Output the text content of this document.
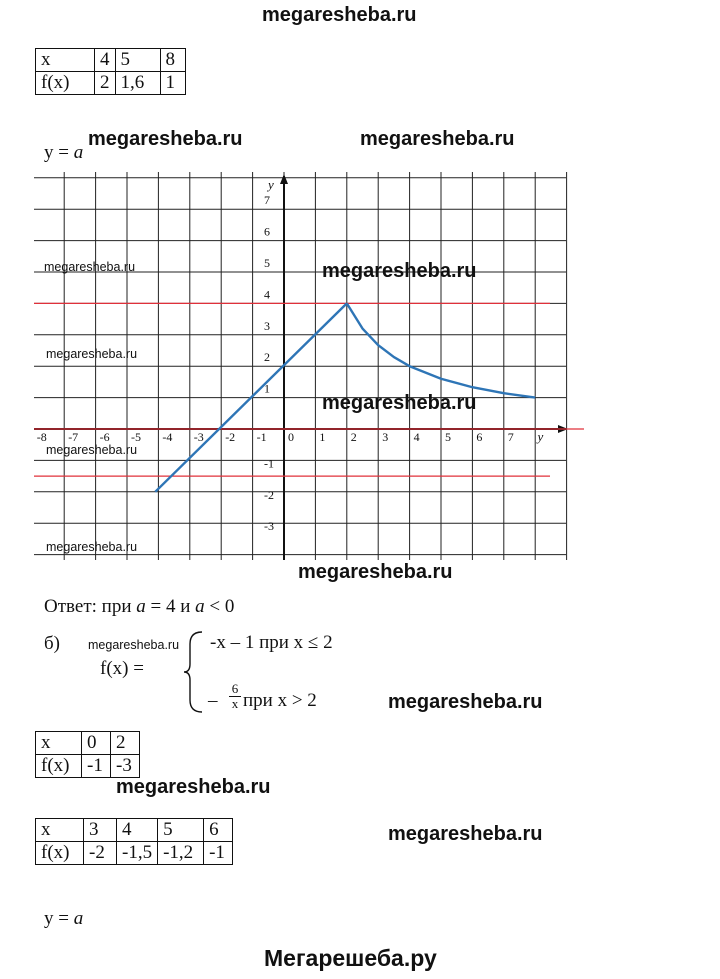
megaresheba.ru
x	4	5	8
f(x)	2	1,6	1
y = a
megaresheba.ru	megaresheba.ru
-8 -7 -6 -5 -4 -3 -2 -1 0 1 2 3 4 5 6 7 y
7
6
5
4
3
2
1
-1
-2
-3
y
megaresheba.ru	megaresheba.ru
megaresheba.ru
megaresheba.ru
megaresheba.ru
megaresheba.ru
megaresheba.ru
Ответ: при a = 4 и a < 0
б) megaresheba.ru
f(x) =
-x – 1 при x ≤ 2
– $\frac{6}{x}$ при x > 2	megaresheba.ru
x	0	2
f(x)	-1	-3
megaresheba.ru
x	3	4	5	6
f(x)	-2	-1,5	-1,2	-1
megaresheba.ru
y = a
Мегарешеба.ру
